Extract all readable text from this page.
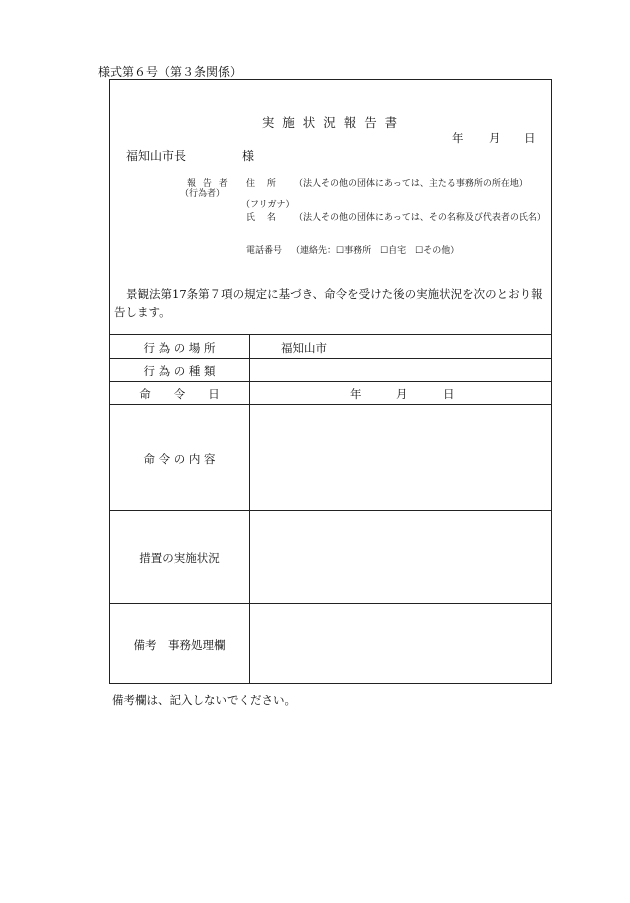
様式第６号（第３条関係）
実 施 状 況 報 告 書
年 月 日
福知山市長	様
報 告 者
（行為者）
住　 所 （法人その他の団体にあっては、主たる事務所の所在地）
（フリガナ）
氏　 名 （法人その他の団体にあっては、その名称及び代表者の氏名）
電話番号 （連絡先：☐事務所　☐自宅　☐その他）
景観法第17条第７項の規定に基づき、命令を受けた後の実施状況を次のとおり報告します。
行 為 の 場 所	福知山市
行 為 の 種 類
命　　令　　日	年	月	日
命 令 の 内 容
措置の実施状況
備考　事務処理欄
備考欄は、記入しないでください。
